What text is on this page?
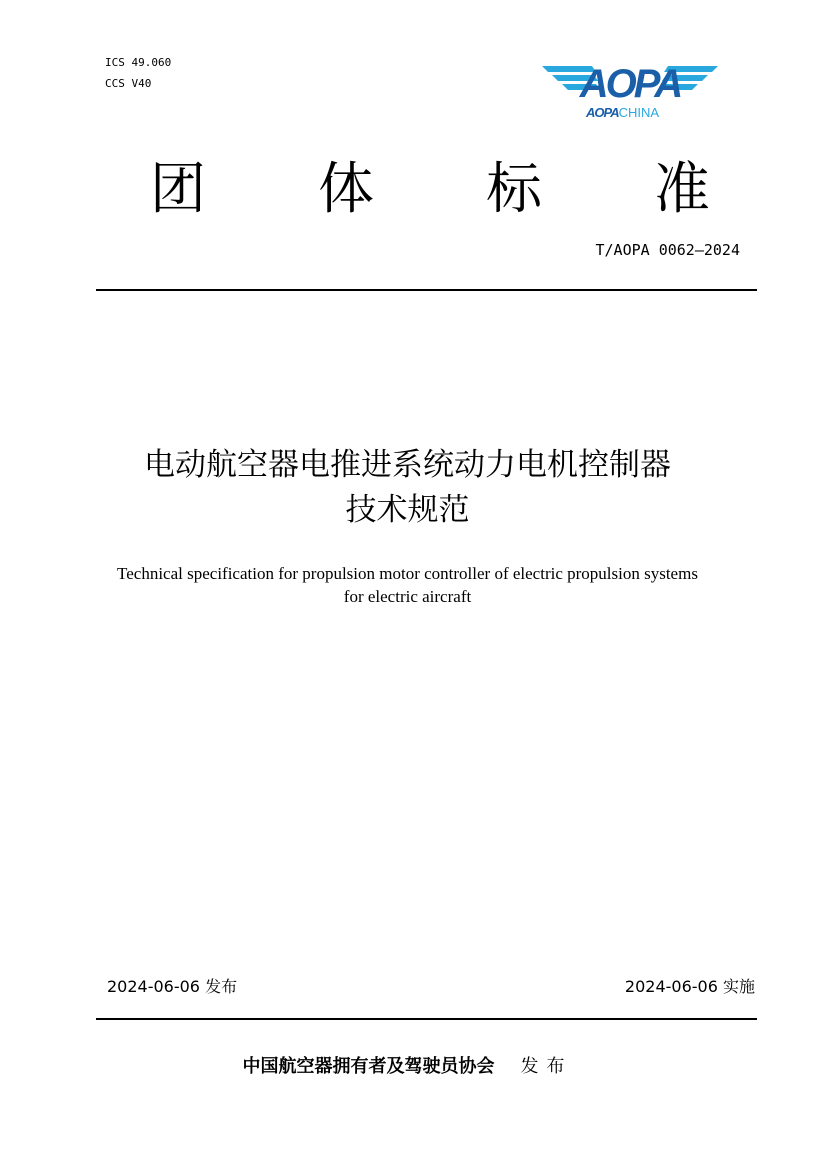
ICS 49.060
CCS V40	AOPA
AOPACHINA
团 体 标 准
T/AOPA 0062—2024
电动航空器电推进系统动力电机控制器
技术规范
Technical specification for propulsion motor controller of electric propulsion systems
for electric aircraft
2024-06-06 发布	2024-06-06 实施
中国航空器拥有者及驾驶员协会 发布
